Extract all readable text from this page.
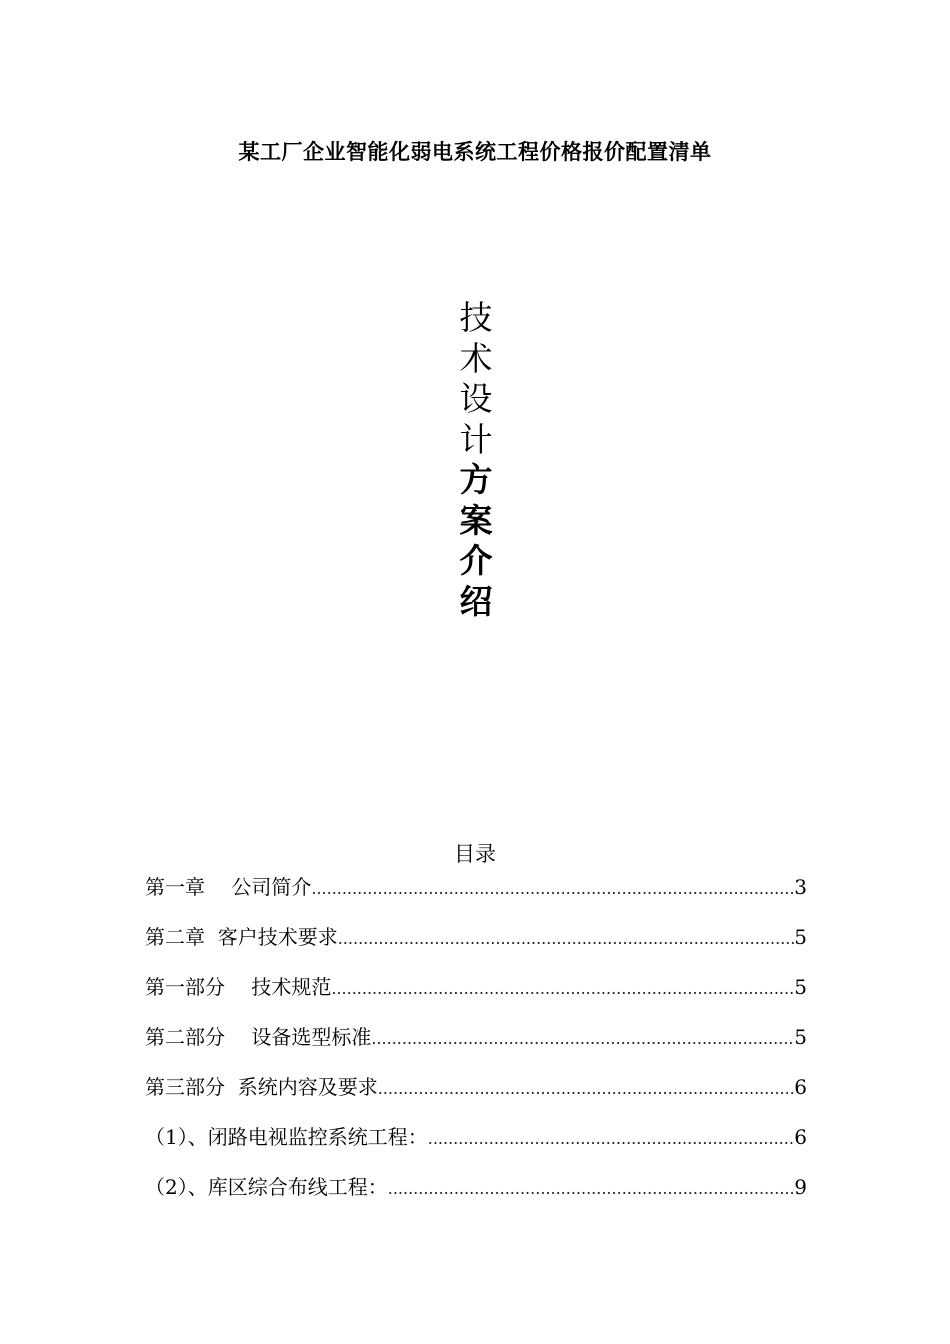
某工厂企业智能化弱电系统工程价格报价配置清单
技
术
设
计
方
案
介
绍
目录
第一章　 公司简介 .....	3
第二章  客户技术要求 .....	5
第一部分　 技术规范 .....	5
第二部分　 设备选型标准 .....	5
第三部分  系统内容及要求 .....	6
（1）、闭路电视监控系统工程： .....	6
（2）、库区综合布线工程： .....	9
